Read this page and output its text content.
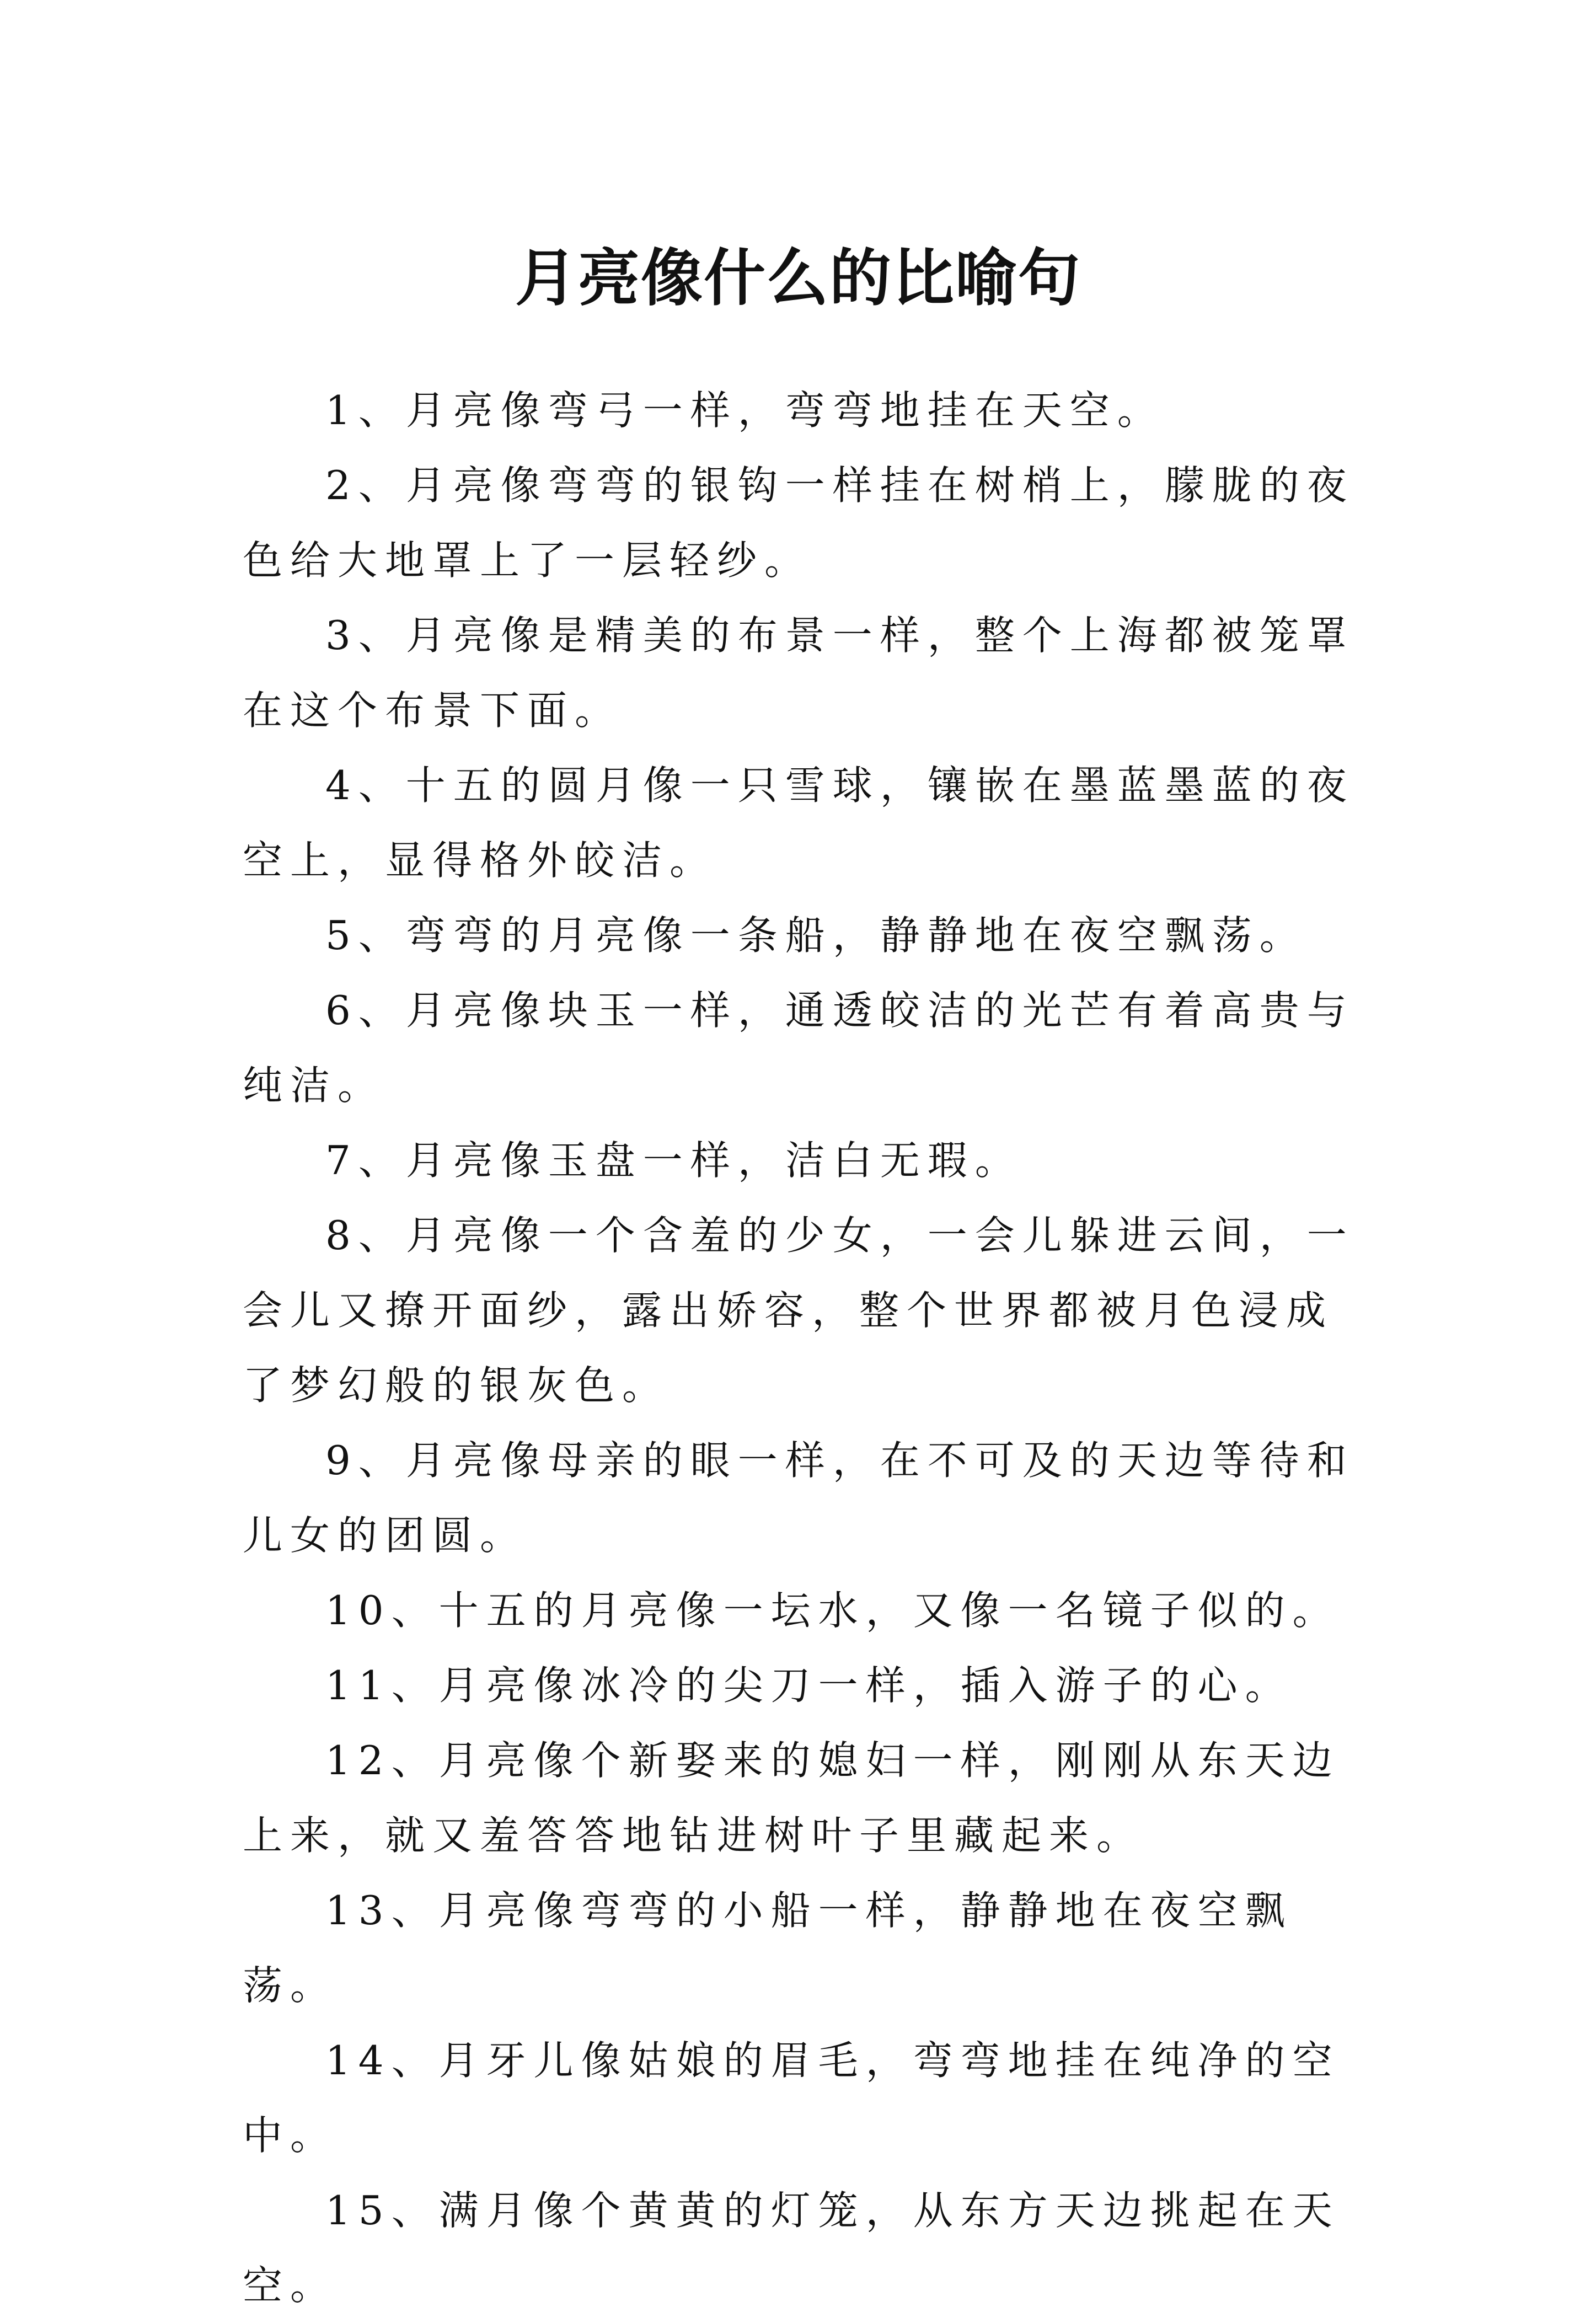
月亮像什么的比喻句

1、月亮像弯弓一样，弯弯地挂在天空。

2、月亮像弯弯的银钩一样挂在树梢上，朦胧的夜色给大地罩上了一层轻纱。

3、月亮像是精美的布景一样，整个上海都被笼罩在这个布景下面。

4、十五的圆月像一只雪球，镶嵌在墨蓝墨蓝的夜空上，显得格外皎洁。

5、弯弯的月亮像一条船，静静地在夜空飘荡。

6、月亮像块玉一样，通透皎洁的光芒有着高贵与纯洁。

7、月亮像玉盘一样，洁白无瑕。

8、月亮像一个含羞的少女，一会儿躲进云间，一会儿又撩开面纱，露出娇容，整个世界都被月色浸成了梦幻般的银灰色。

9、月亮像母亲的眼一样，在不可及的天边等待和儿女的团圆。

10、十五的月亮像一坛水，又像一名镜子似的。

11、月亮像冰冷的尖刀一样，插入游子的心。

12、月亮像个新娶来的媳妇一样，刚刚从东天边上来，就又羞答答地钻进树叶子里藏起来。

13、月亮像弯弯的小船一样，静静地在夜空飘荡。

14、月牙儿像姑娘的眉毛，弯弯地挂在纯净的空中。

15、满月像个黄黄的灯笼，从东方天边挑起在天空。
